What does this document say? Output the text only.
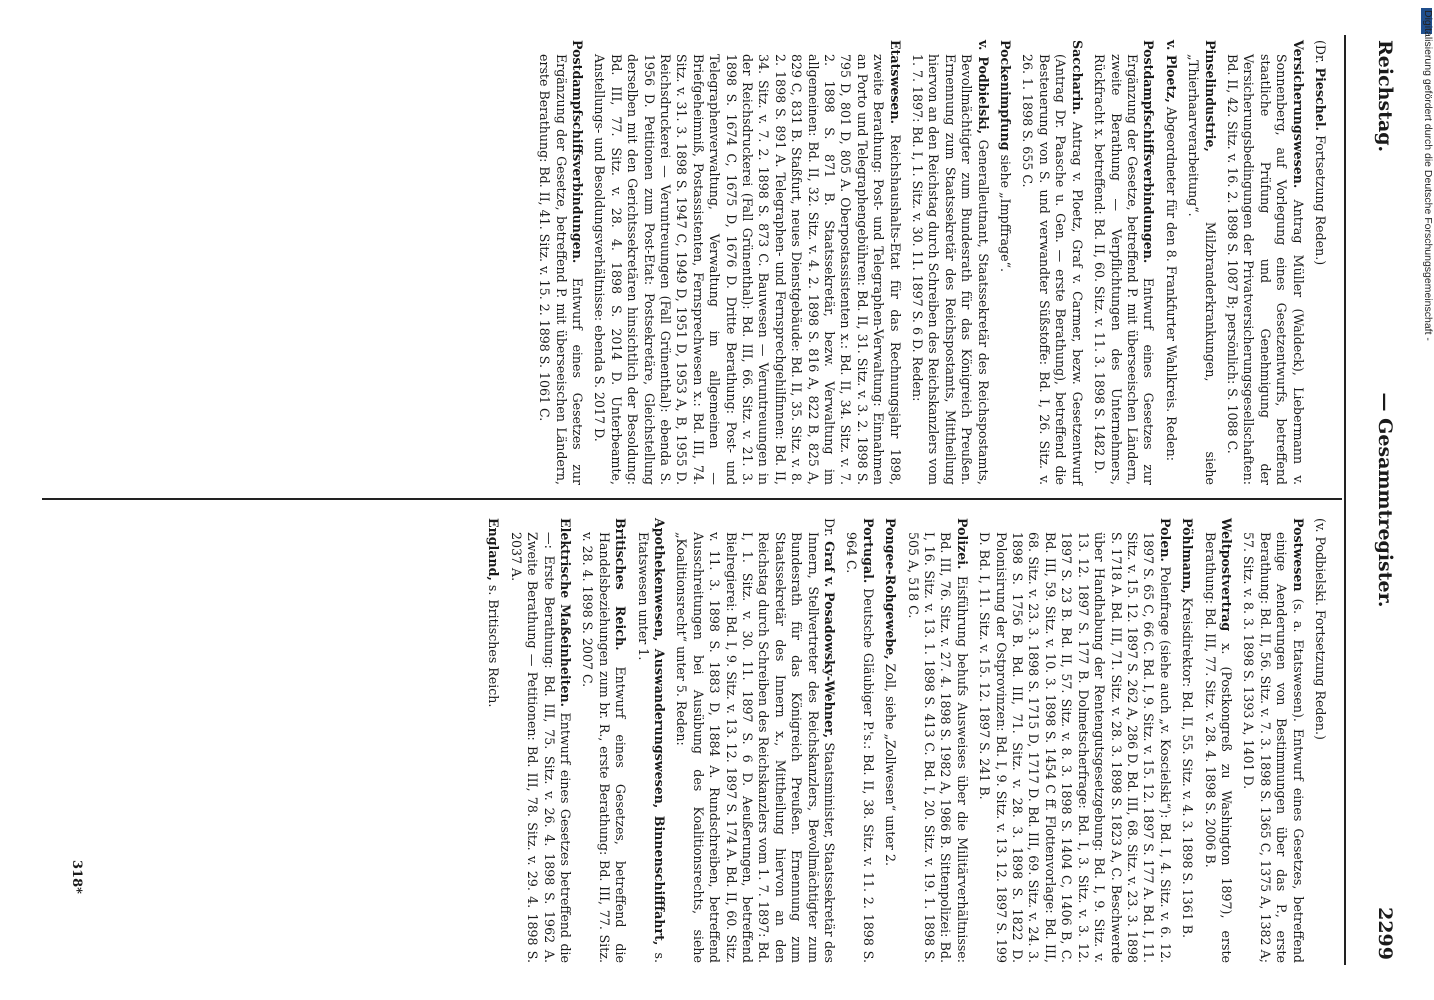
Reichstag.
— Gesammtregister.
2299

(Dr. Pieschel. Fortsetzung Reden.)

Versicherungswesen. Antrag Müller (Waldeck), Liebermann v. Sonnenberg, auf Vorlegung eines Gesetzentwurfs, betreffend staatliche Prüfung und Genehmigung der Versicherungsbedingungen der Privatversicherungsgesellschaften: Bd. II, 42. Sitz. v. 16. 2. 1898 S. 1087 B; persönlich: S. 1088 C.

Pinselindustrie, Milzbranderkrankungen, siehe „Thierhaarverarbeitung“.

v. Ploetz, Abgeordneter für den 8. Frankfurter Wahlkreis. Reden:

Postdampfschiffsverbindungen. Entwurf eines Gesetzes zur Ergänzung der Gesetze, betreffend P. mit überseeischen Ländern, zweite Berathung — Verpflichtungen des Unternehmers, Rückfracht x. betreffend: Bd. II, 60. Sitz. v. 11. 3. 1898 S. 1482 D.

Saccharin. Antrag v. Ploetz, Graf v. Carmer, bezw. Gesetzentwurf (Antrag Dr. Paasche u. Gen. — erste Berathung), betreffend die Besteuerung von S. und verwandter Süßstoffe: Bd. I, 26. Sitz. v. 26. 1. 1898 S. 655 C.

Pockenimpfung siehe „Impffrage“.

v. Podbielski, Generalleutnant, Staatssekretär des Reichspostamts, Bevollmächtigter zum Bundesrath für das Königreich Preußen. Ernennung zum Staatssekretär des Reichspostamts, Mittheilung hiervon an den Reichstag durch Schreiben des Reichskanzlers vom 1. 7. 1897: Bd. I, 1. Sitz. v. 30. 11. 1897 S. 6 D. Reden:

Etatswesen. Reichshaushalts-Etat für das Rechnungsjahr 1898, zweite Berathung: Post- und Telegraphen-Verwaltung: Einnahmen an Porto und Telegraphengebühren: Bd. II, 31. Sitz. v. 3. 2. 1898 S. 795 D, 801 D, 805 A. Oberpostassistenten x.: Bd. II, 34. Sitz. v. 7. 2. 1898 S. 871 B. Staatssekretär, bezw. Verwaltung im allgemeinen: Bd. II, 32. Sitz. v. 4. 2. 1898 S. 816 A, 822 B, 825 A, 829 C, 831 B. Staßfurt, neues Dienstgebäude: Bd. II, 35. Sitz. v. 8. 2. 1898 S. 891 A. Telegraphen- und Fernsprechgehilfinnen: Bd. II, 34. Sitz. v. 7. 2. 1898 S. 873 C. Bauwesen — Veruntreuungen in der Reichsdruckerei (Fall Grünenthal): Bd. III, 66. Sitz. v. 21. 3. 1898 S. 1674 C, 1675 D, 1676 D. Dritte Berathung: Post- und Telegraphenverwaltung, Verwaltung im allgemeinen — Briefgeheimniß, Postassistenten, Fernsprechwesen x.: Bd. III, 74. Sitz. v. 31. 3. 1898 S. 1947 C, 1949 D, 1951 D, 1953 A, B, 1955 D. Reichsdruckerei — Veruntreuungen (Fall Grünenthal): ebenda S. 1956 D. Petitionen zum Post-Etat: Postsekretäre, Gleichstellung derselben mit den Gerichtssekretären hinsichtlich der Besoldung: Bd. III, 77. Sitz. v. 28. 4. 1898 S. 2014 D. Unterbeamte, Anstellungs- und Besoldungsverhältnisse: ebenda S. 2017 D.

Postdampfschiffsverbindungen. Entwurf eines Gesetzes zur Ergänzung der Gesetze, betreffend P. mit überseeischen Ländern, erste Berathung: Bd. II, 41. Sitz. v. 15. 2. 1898 S. 1061 C.

(v. Podbielski. Fortsetzung Reden.)

Postwesen (s. a. Etatswesen). Entwurf eines Gesetzes, betreffend einige Aenderungen von Bestimmungen über das P., erste Berathung: Bd. II, 56. Sitz. v. 7. 3. 1898 S. 1365 C, 1375 A, 1382 A; 57. Sitz. v. 8. 3. 1898 S. 1393 A, 1401 D.

Weltpostvertrag x. (Postkongreß zu Washington 1897), erste Berathung: Bd. III, 77. Sitz. v. 28. 4. 1898 S. 2006 B.

Pöhlmann, Kreisdirektor: Bd. II, 55. Sitz. v. 4. 3. 1898 S. 1361 B.

Polen. Polenfrage (siehe auch „v. Koscielski“): Bd. I, 4. Sitz. v. 6. 12. 1897 S. 65 C, 66 C. Bd. I, 9. Sitz. v. 15. 12. 1897 S. 177 A. Bd. I, 11. Sitz. v. 15. 12. 1897 S. 262 A, 286 D. Bd. III, 68. Sitz. v. 23. 3. 1898 S. 1718 A. Bd. III, 71. Sitz. v. 28. 3. 1898 S. 1823 A, C. Beschwerde über Handhabung der Rentengutsgesetzgebung: Bd. I, 9. Sitz. v. 13. 12. 1897 S. 177 B. Dolmetscherfrage: Bd. I, 3. Sitz. v. 3. 12. 1897 S. 23 B. Bd. II, 57. Sitz. v. 8. 3. 1898 S. 1404 C, 1406 B, C. Bd. III, 59. Sitz. v. 10. 3. 1898 S. 1454 C ff. Flottenvorlage: Bd. III, 68. Sitz. v. 23. 3. 1898 S. 1715 D, 1717 D. Bd. III, 69. Sitz. v. 24. 3. 1898 S. 1756 B. Bd. III, 71. Sitz. v. 28. 3. 1898 S. 1822 D. Polonisirung der Ostprovinzen: Bd. I, 9. Sitz. v. 13. 12. 1897 S. 199 D. Bd. I, 11. Sitz. v. 15. 12. 1897 S. 241 B.

Polizei. Eisführung behufs Ausweises über die Militärverhältnisse: Bd. III, 76. Sitz. v. 27. 4. 1898 S. 1982 A, 1986 B. Sittenpolizei: Bd. I, 16. Sitz. v. 13. 1. 1898 S. 413 C. Bd. I, 20. Sitz. v. 19. 1. 1898 S. 505 A, 518 C.

Pongee-Rohgewebe, Zoll, siehe „Zollwesen“ unter 2.

Portugal. Deutsche Gläubiger P.'s.: Bd. II, 38. Sitz. v. 11. 2. 1898 S. 964 C.

Dr. Graf v. Posadowsky-Wehner, Staatsminister, Staatssekretär des Innern, Stellvertreter des Reichskanzlers, Bevollmächtigter zum Bundesrath für das Königreich Preußen. Ernennung zum Staatssekretär des Innern x., Mittheilung hiervon an den Reichstag durch Schreiben des Reichskanzlers vom 1. 7. 1897: Bd. I, 1. Sitz. v. 30. 11. 1897 S. 6 D. Aeußerungen, betreffend Bielregierei: Bd. I, 9. Sitz. v. 13. 12. 1897 S. 174 A. Bd. II, 60. Sitz. v. 11. 3. 1898 S. 1883 D, 1884 A. Rundschreiben, betreffend Ausschreitungen bei Ausübung des Koalitionsrechts, siehe „Koalitionsrecht“ unter 5. Reden:

Apothekenwesen, Auswanderungswesen, Binnenschifffahrt, s. Etatswesen unter 1.

Britisches Reich. Entwurf eines Gesetzes, betreffend die Handelsbeziehungen zum br. R., erste Berathung: Bd. III, 77. Sitz. v. 28. 4. 1898 S. 2007 C.

Elektrische Maßeinheiten. Entwurf eines Gesetzes betreffend die —: Erste Berathung: Bd. III, 75. Sitz. v. 26. 4. 1898 S. 1962 A. Zweite Berathung — Petitionen: Bd. III, 78. Sitz. v. 29. 4. 1898 S. 2037 A.

England, s. Britisches Reich.

318*
Digitalisierung gefördert durch die Deutsche Forschungsgemeinschaft -
